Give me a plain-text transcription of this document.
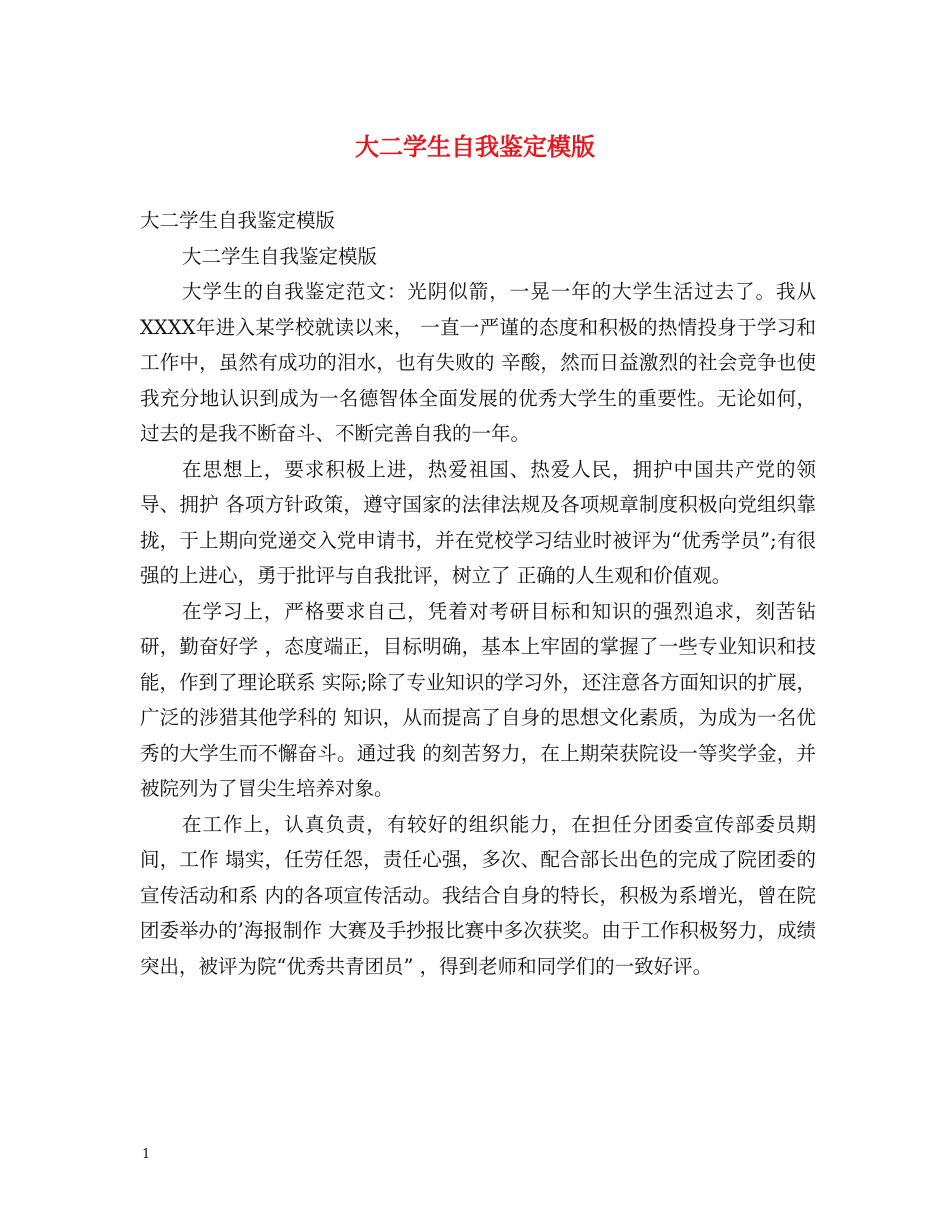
大二学生自我鉴定模版

大二学生自我鉴定模版

大二学生自我鉴定模版

大学生的自我鉴定范文：光阴似箭，一晃一年的大学生活过去了。我从XXXX年进入某学校就读以来， 一直一严谨的态度和积极的热情投身于学习和工作中，虽然有成功的泪水，也有失败的 辛酸，然而日益激烈的社会竞争也使我充分地认识到成为一名德智体全面发展的优秀大学生的重要性。无论如何，过去的是我不断奋斗、不断完善自我的一年。

在思想上，要求积极上进，热爱祖国、热爱人民，拥护中国共产党的领导、拥护 各项方针政策，遵守国家的法律法规及各项规章制度积极向党组织靠拢，于上期向党递交入党申请书，并在党校学习结业时被评为“优秀学员”;有很强的上进心，勇于批评与自我批评，树立了 正确的人生观和价值观。

在学习上，严格要求自己，凭着对考研目标和知识的强烈追求，刻苦钻研，勤奋好学 ，态度端正，目标明确，基本上牢固的掌握了一些专业知识和技能，作到了理论联系 实际;除了专业知识的学习外，还注意各方面知识的扩展，广泛的涉猎其他学科的 知识，从而提高了自身的思想文化素质，为成为一名优秀的大学生而不懈奋斗。通过我 的刻苦努力，在上期荣获院设一等奖学金，并被院列为了冒尖生培养对象。

在工作上，认真负责，有较好的组织能力，在担任分团委宣传部委员期间，工作 塌实，任劳任怨，责任心强，多次、配合部长出色的完成了院团委的宣传活动和系 内的各项宣传活动。我结合自身的特长，积极为系增光，曾在院团委举办的’海报制作 大赛及手抄报比赛中多次获奖。由于工作积极努力，成绩突出，被评为院“优秀共青团员” ，得到老师和同学们的一致好评。

1
